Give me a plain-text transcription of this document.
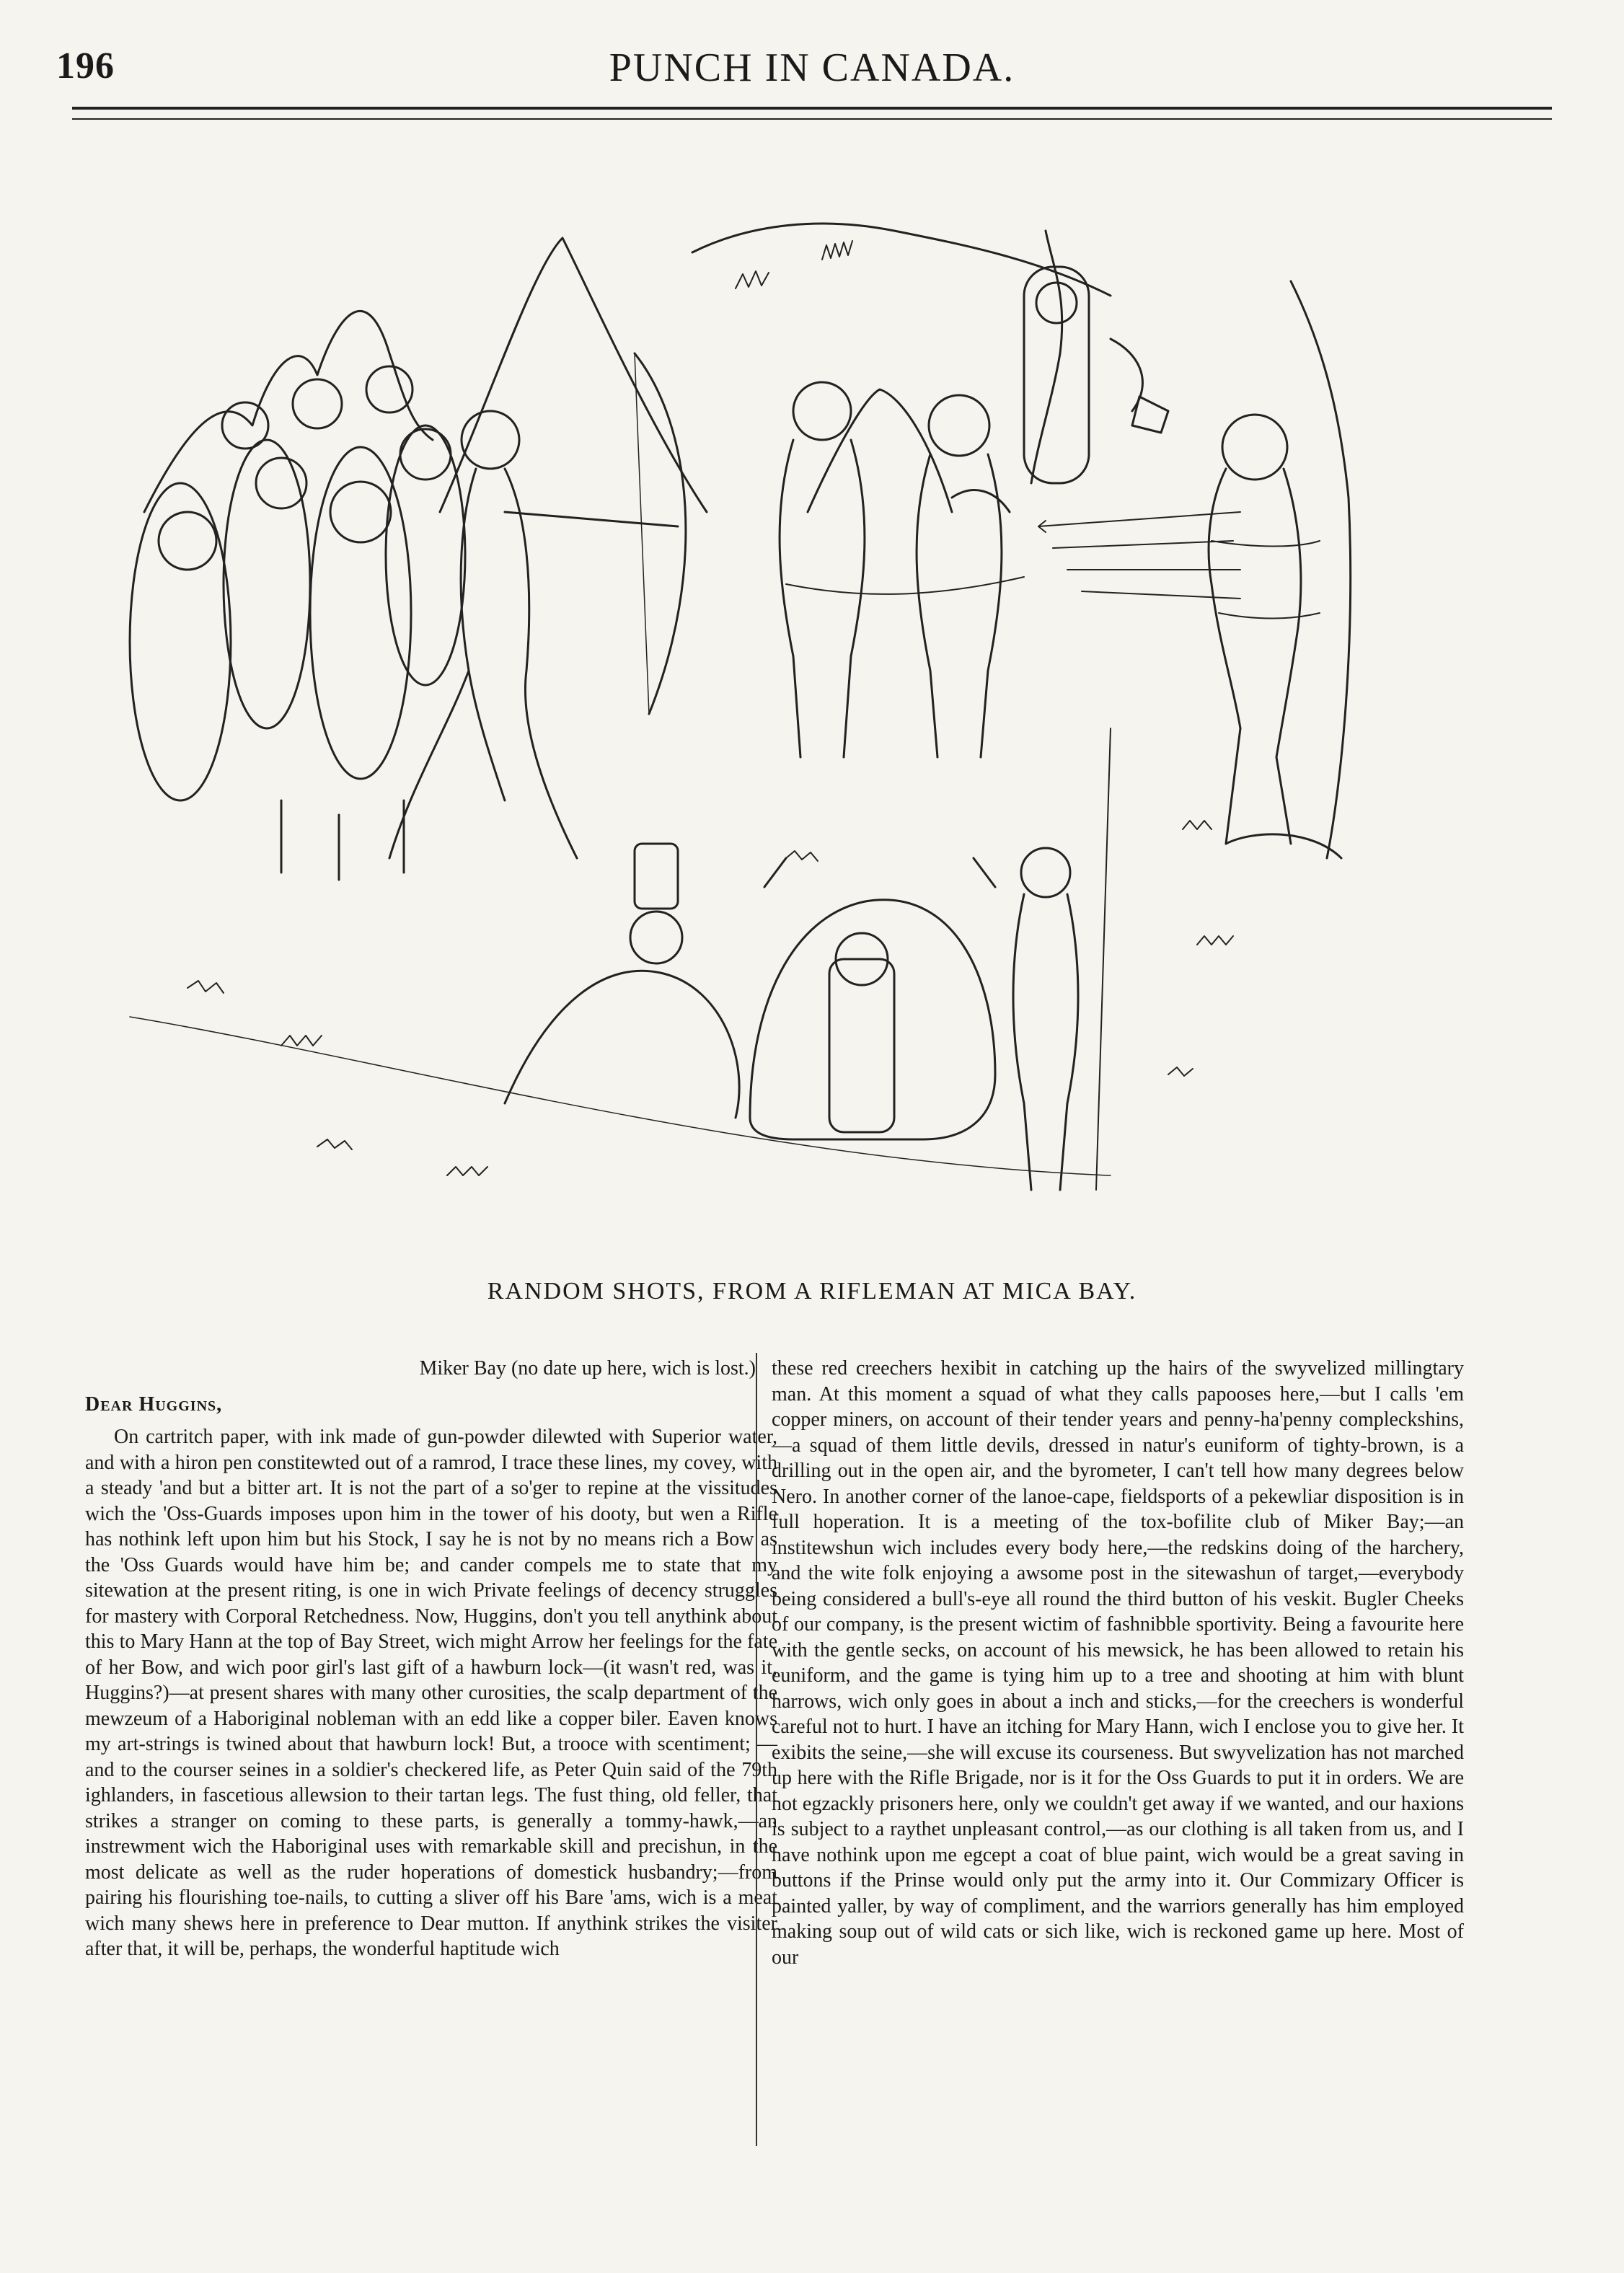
196	PUNCH IN CANADA.
RANDOM SHOTS, FROM A RIFLEMAN AT MICA BAY.

Miker Bay (no date up here, wich is lost.)

Dear Huggins,

On cartritch paper, with ink made of gun-powder dilewted with Superior water, and with a hiron pen constitewted out of a ramrod, I trace these lines, my covey, with a steady 'and but a bitter art. It is not the part of a so'ger to repine at the vissitudes wich the 'Oss-Guards imposes upon him in the tower of his dooty, but wen a Rifle has nothink left upon him but his Stock, I say he is not by no means rich a Bow as the 'Oss Guards would have him be; and cander compels me to state that my sitewation at the present riting, is one in wich Private feelings of decency struggles for mastery with Corporal Retchedness. Now, Huggins, don't you tell anythink about this to Mary Hann at the top of Bay Street, wich might Arrow her feelings for the fate of her Bow, and wich poor girl's last gift of a hawburn lock—(it wasn't red, was it, Huggins?)—at present shares with many other curosities, the scalp department of the mewzeum of a Haboriginal nobleman with an edd like a copper biler. Eaven knows my art-strings is twined about that hawburn lock! But, a trooce with scentiment; —and to the courser seines in a soldier's checkered life, as Peter Quin said of the 79th ighlanders, in fascetious allewsion to their tartan legs. The fust thing, old feller, that strikes a stranger on coming to these parts, is generally a tommy-hawk,—an instrewment wich the Haboriginal uses with remarkable skill and precishun, in the most delicate as well as the ruder hoperations of domestick husbandry;—from pairing his flourishing toe-nails, to cutting a sliver off his Bare 'ams, wich is a meat wich many shews here in preference to Dear mutton. If anythink strikes the visiter after that, it will be, perhaps, the wonderful haptitude wich

these red creechers hexibit in catching up the hairs of the swyvelized millingtary man. At this moment a squad of what they calls papooses here,—but I calls 'em copper miners, on account of their tender years and penny-ha'penny compleckshins,—a squad of them little devils, dressed in natur's euniform of tighty-brown, is a drilling out in the open air, and the byrometer, I can't tell how many degrees below Nero. In another corner of the lanoe-cape, fieldsports of a pekewliar disposition is in full hoperation. It is a meeting of the tox-bofilite club of Miker Bay;—an institewshun wich includes every body here,—the redskins doing of the harchery, and the wite folk enjoying a awsome post in the sitewashun of target,—everybody being considered a bull's-eye all round the third button of his veskit. Bugler Cheeks of our company, is the present wictim of fashnibble sportivity. Being a favourite here with the gentle secks, on account of his mewsick, he has been allowed to retain his euniform, and the game is tying him up to a tree and shooting at him with blunt harrows, wich only goes in about a inch and sticks,—for the creechers is wonderful careful not to hurt. I have an itching for Mary Hann, wich I enclose you to give her. It exibits the seine,—she will excuse its courseness. But swyvelization has not marched up here with the Rifle Brigade, nor is it for the Oss Guards to put it in orders. We are not egzackly prisoners here, only we couldn't get away if we wanted, and our haxions is subject to a raythet unpleasant control,—as our clothing is all taken from us, and I have nothink upon me egcept a coat of blue paint, wich would be a great saving in buttons if the Prinse would only put the army into it. Our Commizary Officer is painted yaller, by way of compliment, and the warriors generally has him employed making soup out of wild cats or sich like, wich is reckoned game up here. Most of our
